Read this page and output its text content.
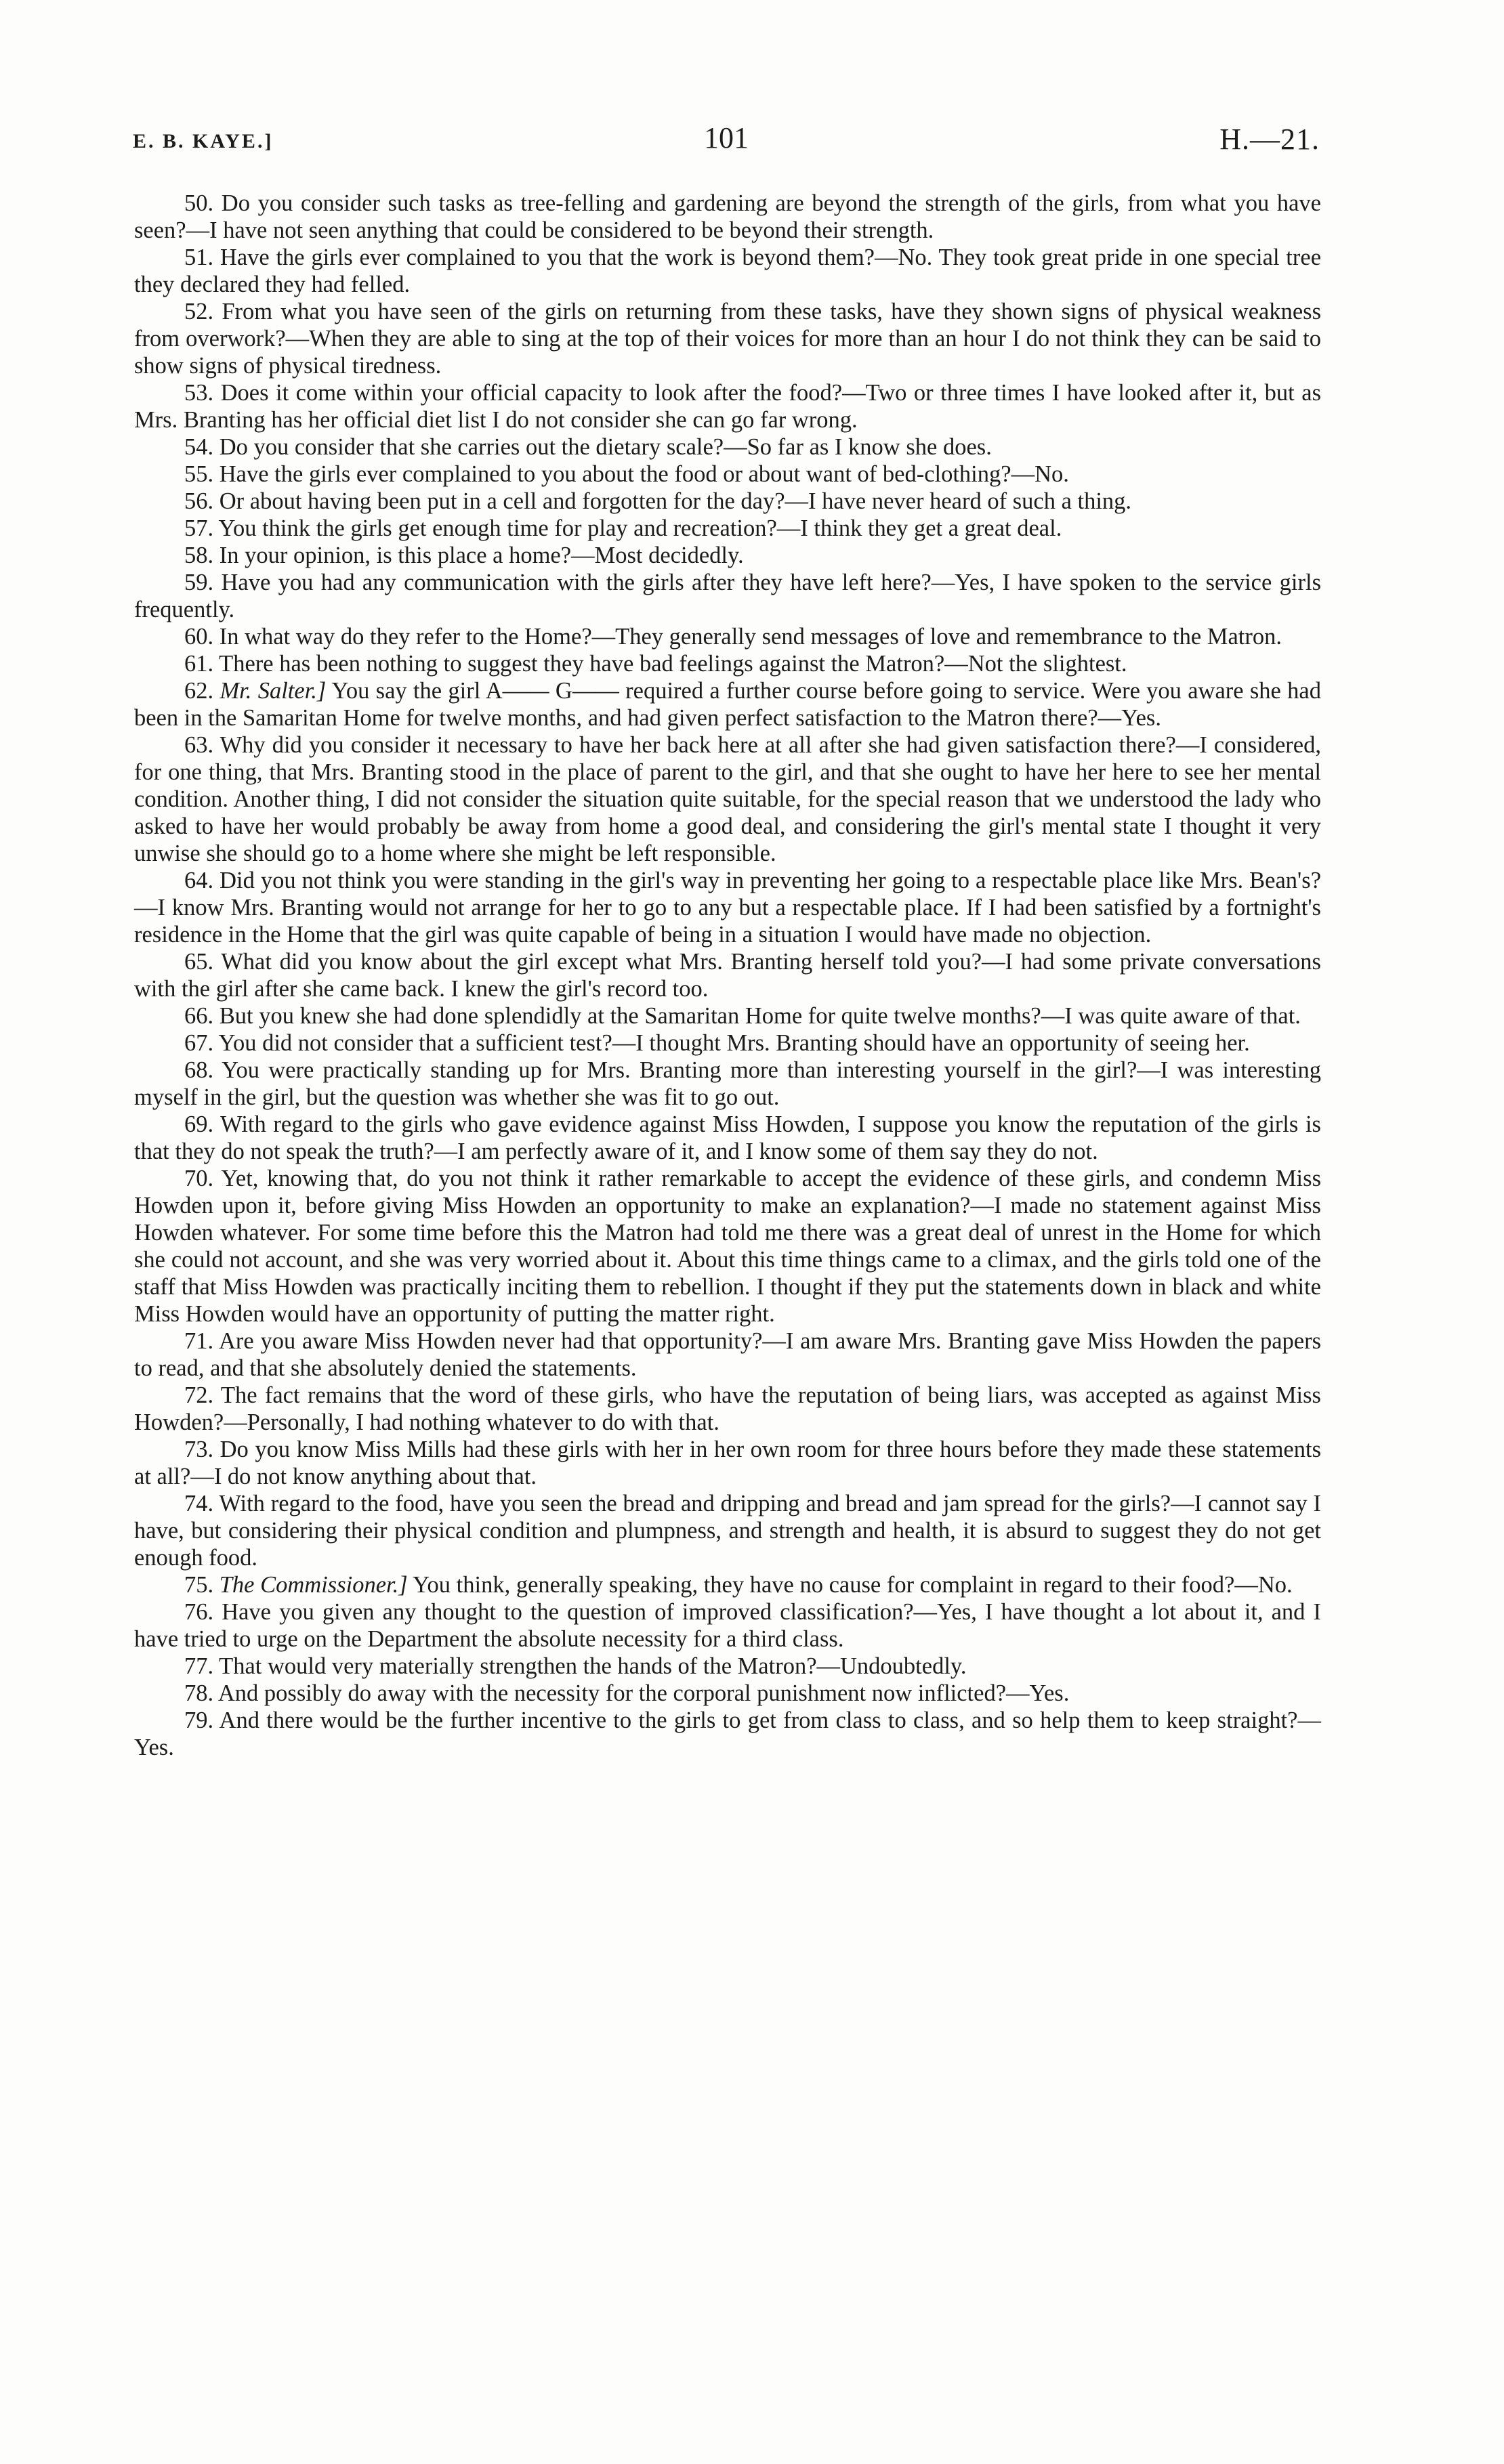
E. B. KAYE.]	101	H.—21.

50. Do you consider such tasks as tree-felling and gardening are beyond the strength of the girls, from what you have seen?—I have not seen anything that could be considered to be beyond their strength.

51. Have the girls ever complained to you that the work is beyond them?—No. They took great pride in one special tree they declared they had felled.

52. From what you have seen of the girls on returning from these tasks, have they shown signs of physical weakness from overwork?—When they are able to sing at the top of their voices for more than an hour I do not think they can be said to show signs of physical tiredness.

53. Does it come within your official capacity to look after the food?—Two or three times I have looked after it, but as Mrs. Branting has her official diet list I do not consider she can go far wrong.

54. Do you consider that she carries out the dietary scale?—So far as I know she does.

55. Have the girls ever complained to you about the food or about want of bed-clothing?—No.

56. Or about having been put in a cell and forgotten for the day?—I have never heard of such a thing.

57. You think the girls get enough time for play and recreation?—I think they get a great deal.

58. In your opinion, is this place a home?—Most decidedly.

59. Have you had any communication with the girls after they have left here?—Yes, I have spoken to the service girls frequently.

60. In what way do they refer to the Home?—They generally send messages of love and remembrance to the Matron.

61. There has been nothing to suggest they have bad feelings against the Matron?—Not the slightest.

62. Mr. Salter.] You say the girl A—— G—— required a further course before going to service. Were you aware she had been in the Samaritan Home for twelve months, and had given perfect satisfaction to the Matron there?—Yes.

63. Why did you consider it necessary to have her back here at all after she had given satisfaction there?—I considered, for one thing, that Mrs. Branting stood in the place of parent to the girl, and that she ought to have her here to see her mental condition. Another thing, I did not consider the situation quite suitable, for the special reason that we understood the lady who asked to have her would probably be away from home a good deal, and considering the girl's mental state I thought it very unwise she should go to a home where she might be left responsible.

64. Did you not think you were standing in the girl's way in preventing her going to a respectable place like Mrs. Bean's?—I know Mrs. Branting would not arrange for her to go to any but a respectable place. If I had been satisfied by a fortnight's residence in the Home that the girl was quite capable of being in a situation I would have made no objection.

65. What did you know about the girl except what Mrs. Branting herself told you?—I had some private conversations with the girl after she came back. I knew the girl's record too.

66. But you knew she had done splendidly at the Samaritan Home for quite twelve months?—I was quite aware of that.

67. You did not consider that a sufficient test?—I thought Mrs. Branting should have an opportunity of seeing her.

68. You were practically standing up for Mrs. Branting more than interesting yourself in the girl?—I was interesting myself in the girl, but the question was whether she was fit to go out.

69. With regard to the girls who gave evidence against Miss Howden, I suppose you know the reputation of the girls is that they do not speak the truth?—I am perfectly aware of it, and I know some of them say they do not.

70. Yet, knowing that, do you not think it rather remarkable to accept the evidence of these girls, and condemn Miss Howden upon it, before giving Miss Howden an opportunity to make an explanation?—I made no statement against Miss Howden whatever. For some time before this the Matron had told me there was a great deal of unrest in the Home for which she could not account, and she was very worried about it. About this time things came to a climax, and the girls told one of the staff that Miss Howden was practically inciting them to rebellion. I thought if they put the statements down in black and white Miss Howden would have an opportunity of putting the matter right.

71. Are you aware Miss Howden never had that opportunity?—I am aware Mrs. Branting gave Miss Howden the papers to read, and that she absolutely denied the statements.

72. The fact remains that the word of these girls, who have the reputation of being liars, was accepted as against Miss Howden?—Personally, I had nothing whatever to do with that.

73. Do you know Miss Mills had these girls with her in her own room for three hours before they made these statements at all?—I do not know anything about that.

74. With regard to the food, have you seen the bread and dripping and bread and jam spread for the girls?—I cannot say I have, but considering their physical condition and plumpness, and strength and health, it is absurd to suggest they do not get enough food.

75. The Commissioner.] You think, generally speaking, they have no cause for complaint in regard to their food?—No.

76. Have you given any thought to the question of improved classification?—Yes, I have thought a lot about it, and I have tried to urge on the Department the absolute necessity for a third class.

77. That would very materially strengthen the hands of the Matron?—Undoubtedly.

78. And possibly do away with the necessity for the corporal punishment now inflicted?—Yes.

79. And there would be the further incentive to the girls to get from class to class, and so help them to keep straight?—Yes.
